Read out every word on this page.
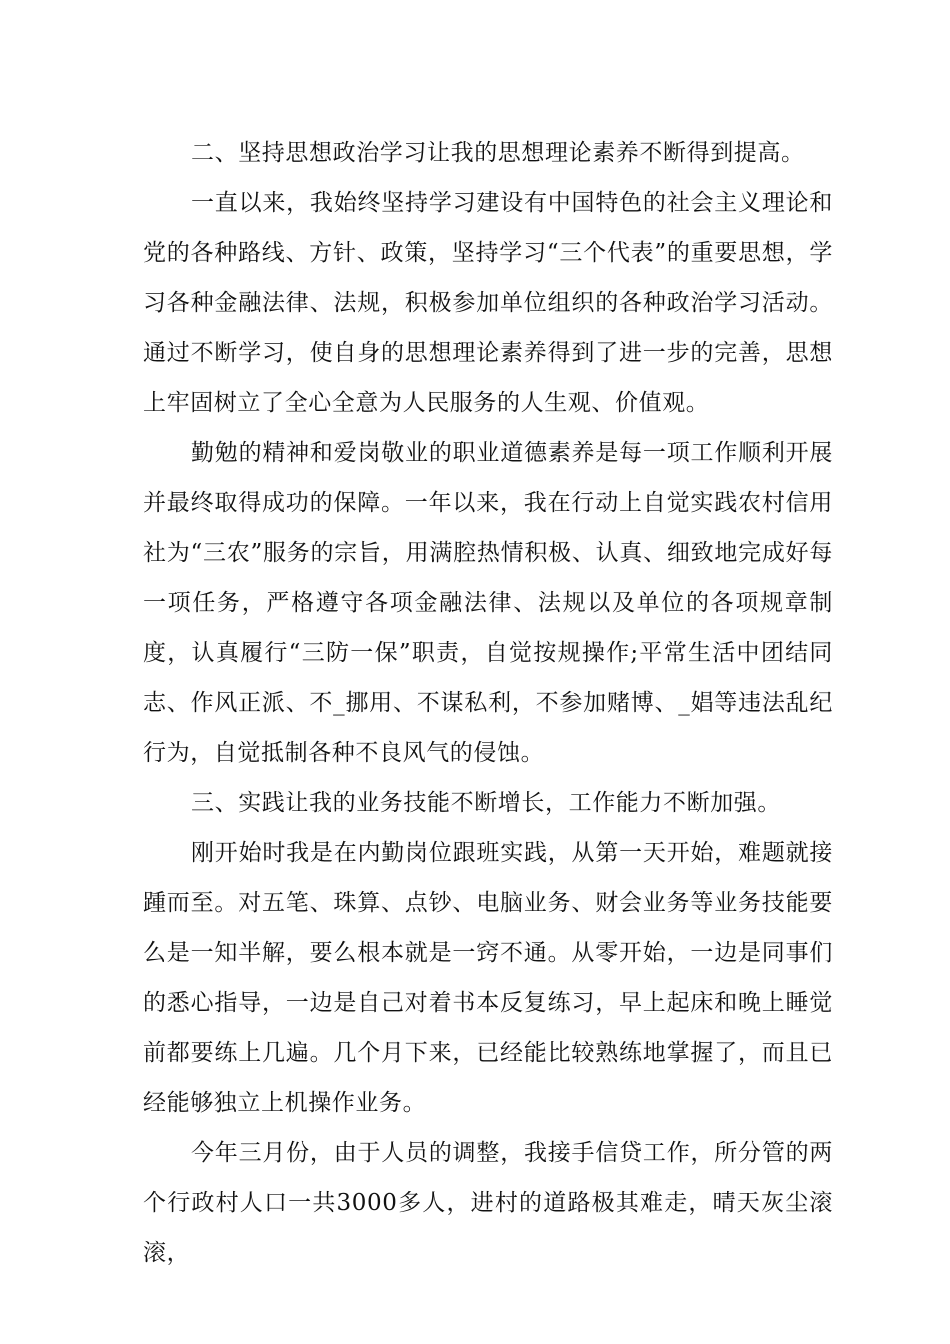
二、坚持思想政治学习让我的思想理论素养不断得到提高。

一直以来，我始终坚持学习建设有中国特色的社会主义理论和党的各种路线、方针、政策，坚持学习“三个代表”的重要思想，学习各种金融法律、法规，积极参加单位组织的各种政治学习活动。通过不断学习，使自身的思想理论素养得到了进一步的完善，思想上牢固树立了全心全意为人民服务的人生观、价值观。

勤勉的精神和爱岗敬业的职业道德素养是每一项工作顺利开展并最终取得成功的保障。一年以来，我在行动上自觉实践农村信用社为“三农”服务的宗旨，用满腔热情积极、认真、细致地完成好每一项任务，严格遵守各项金融法律、法规以及单位的各项规章制度，认真履行“三防一保”职责，自觉按规操作;平常生活中团结同志、作风正派、不_挪用、不谋私利，不参加赌博、_娼等违法乱纪行为，自觉抵制各种不良风气的侵蚀。

三、实践让我的业务技能不断增长，工作能力不断加强。

刚开始时我是在内勤岗位跟班实践，从第一天开始，难题就接踵而至。对五笔、珠算、点钞、电脑业务、财会业务等业务技能要么是一知半解，要么根本就是一窍不通。从零开始，一边是同事们的悉心指导，一边是自己对着书本反复练习，早上起床和晚上睡觉前都要练上几遍。几个月下来，已经能比较熟练地掌握了，而且已经能够独立上机操作业务。

今年三月份，由于人员的调整，我接手信贷工作，所分管的两个行政村人口一共3000多人，进村的道路极其难走，晴天灰尘滚滚，
